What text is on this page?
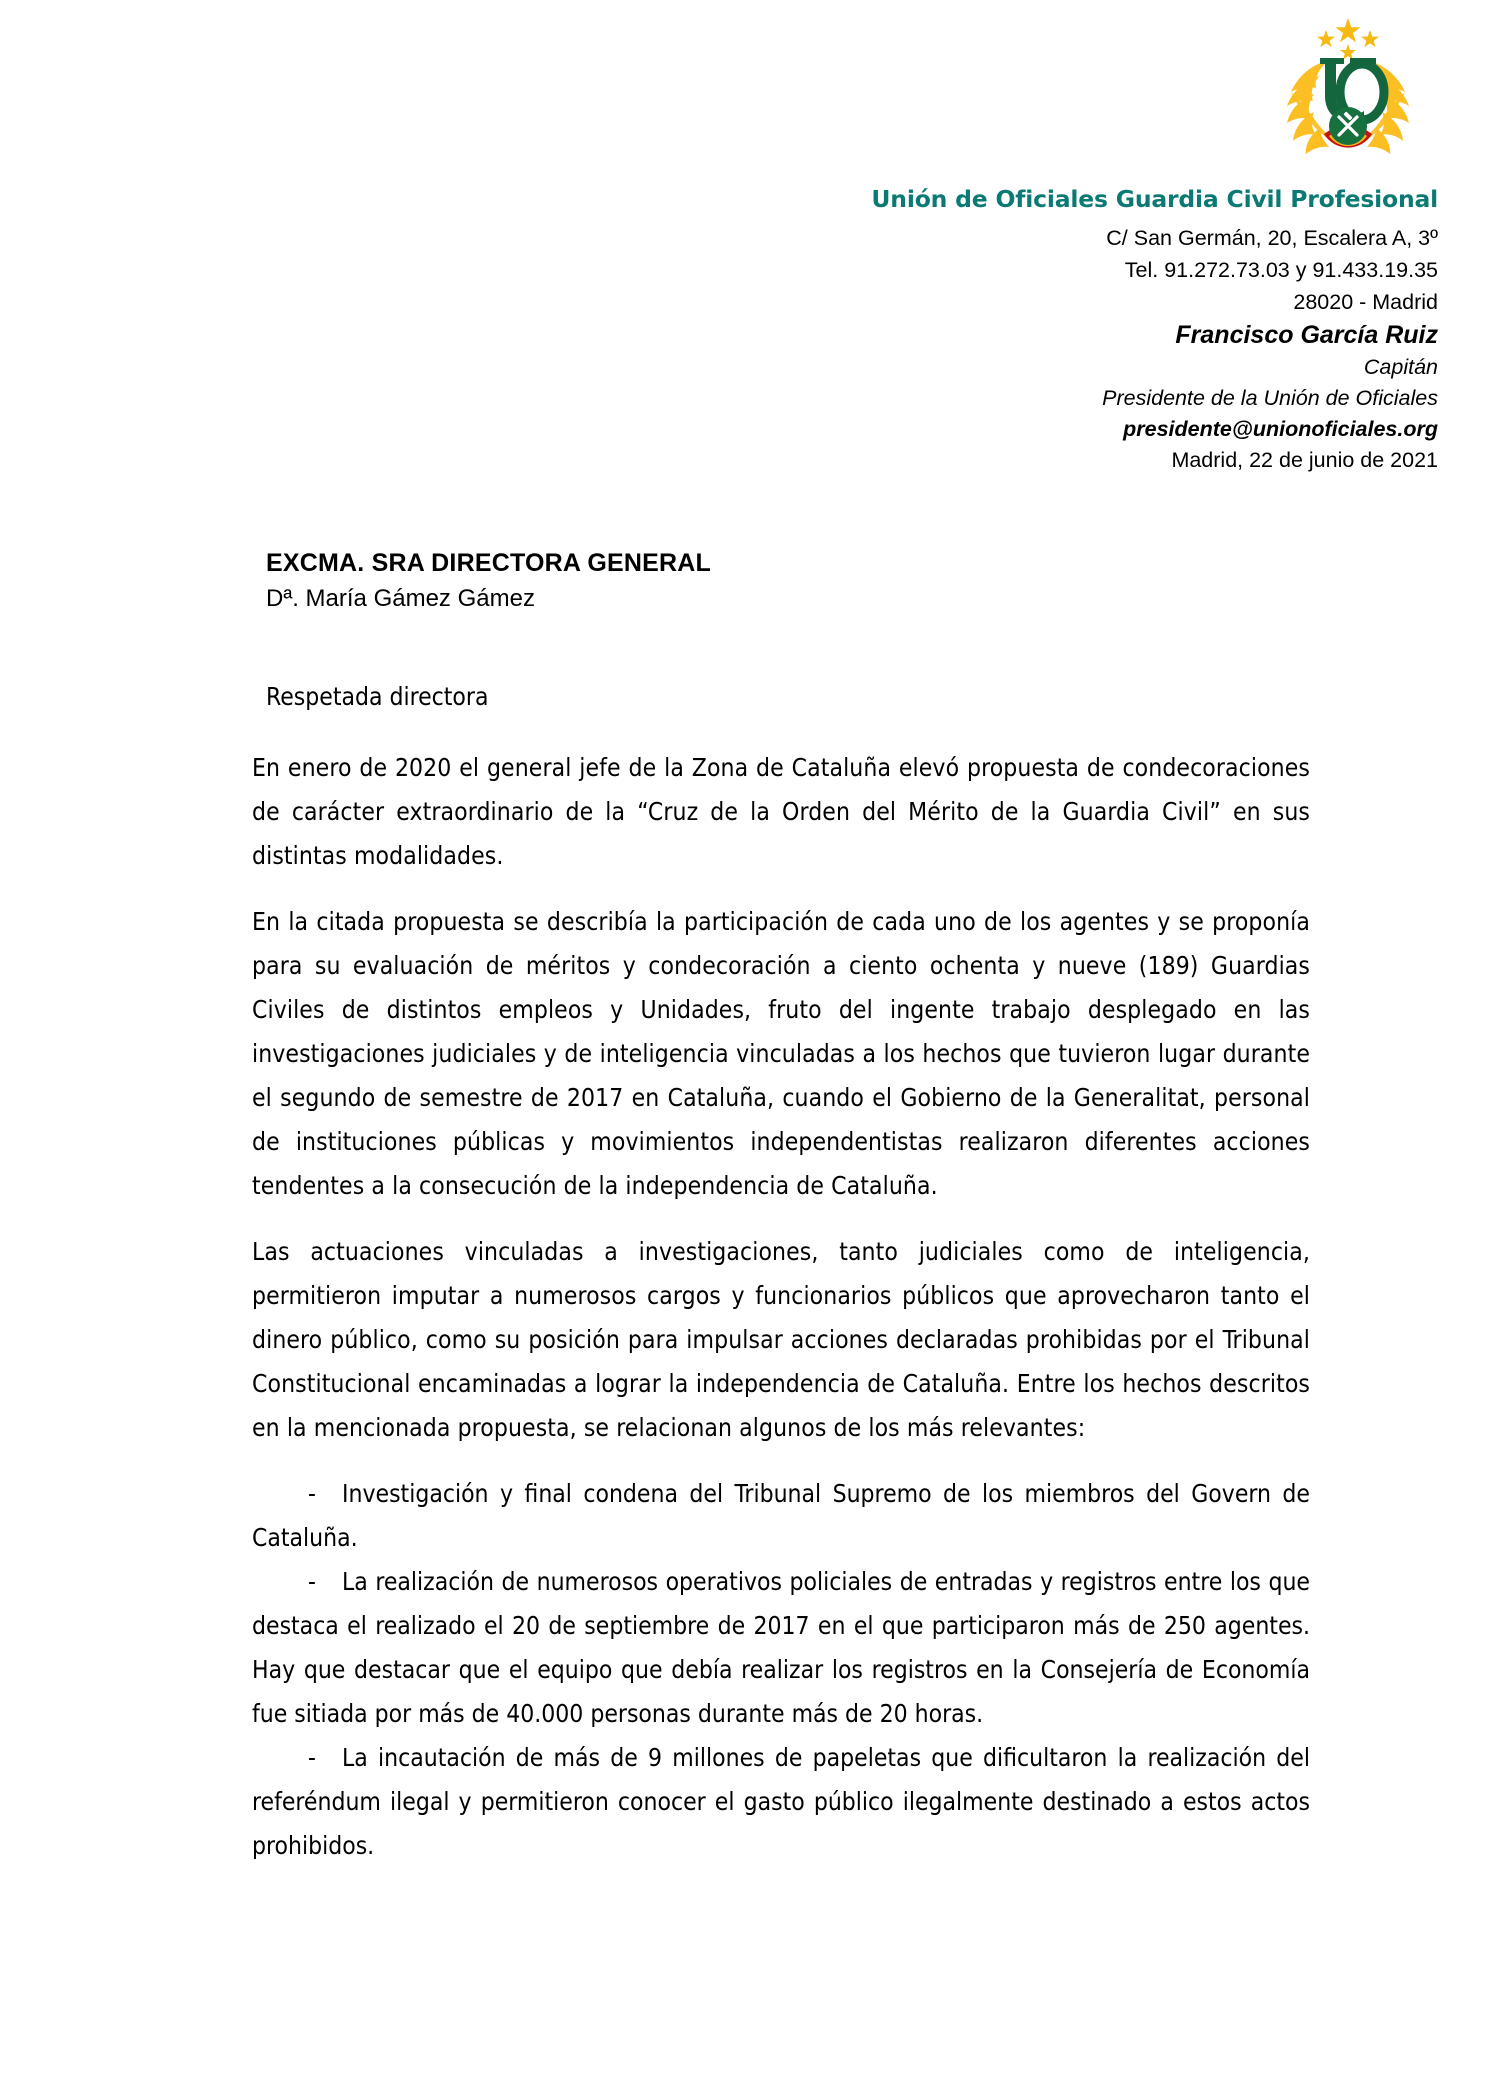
Unión de Oficiales Guardia Civil Profesional
C/ San Germán, 20, Escalera A, 3º
Tel. 91.272.73.03 y 91.433.19.35
28020 - Madrid
Francisco García Ruiz
Capitán
Presidente de la Unión de Oficiales
presidente@unionoficiales.org
Madrid, 22 de junio de 2021
EXCMA. SRA DIRECTORA GENERAL
Dª. María Gámez Gámez

Respetada directora

En enero de 2020 el general jefe de la Zona de Cataluña elevó propuesta de condecoraciones de carácter extraordinario de la “Cruz de la Orden del Mérito de la Guardia Civil” en sus distintas modalidades.

En la citada propuesta se describía la participación de cada uno de los agentes y se proponía para su evaluación de méritos y condecoración a ciento ochenta y nueve (189) Guardias Civiles de distintos empleos y Unidades, fruto del ingente trabajo desplegado en las investigaciones judiciales y de inteligencia vinculadas a los hechos que tuvieron lugar durante el segundo de semestre de 2017 en Cataluña, cuando el Gobierno de la Generalitat, personal de instituciones públicas y movimientos independentistas realizaron diferentes acciones tendentes a la consecución de la independencia de Cataluña.

Las actuaciones vinculadas a investigaciones, tanto judiciales como de inteligencia, permitieron imputar a numerosos cargos y funcionarios públicos que aprovecharon tanto el dinero público, como su posición para impulsar acciones declaradas prohibidas por el Tribunal Constitucional encaminadas a lograr la independencia de Cataluña. Entre los hechos descritos en la mencionada propuesta, se relacionan algunos de los más relevantes:

-	Investigación y final condena del Tribunal Supremo de los miembros del Govern de Cataluña.
-	La realización de numerosos operativos policiales de entradas y registros entre los que destaca el realizado el 20 de septiembre de 2017 en el que participaron más de 250 agentes. Hay que destacar que el equipo que debía realizar los registros en la Consejería de Economía fue sitiada por más de 40.000 personas durante más de 20 horas.
-	La incautación de más de 9 millones de papeletas que dificultaron la realización del referéndum ilegal y permitieron conocer el gasto público ilegalmente destinado a estos actos prohibidos.
